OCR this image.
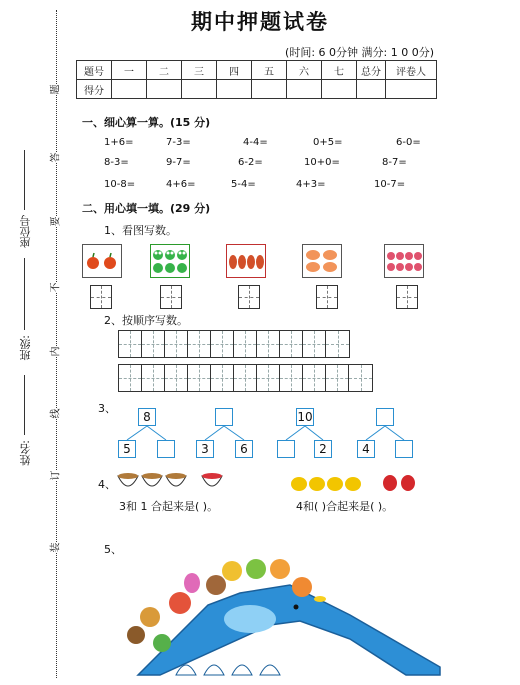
期中押题试卷
(时间: 6 0分钟 满分: 1 0 0分)
姓名:
班级:
座位号
装
订
线
内
不
要
答
题
题号	一	二	三	四	五	六	七	总分	评卷人
得分									
一、细心算一算。(15 分)
1+6=	7-3=	4-4=	0+5=	6-0=
8-3=	9-7=	6-2=	10+0=	8-7=
10-8=	4+6=	5-4=	4+3=	10-7=
二、用心填一填。(29 分)
1、看图写数。
2、按顺序写数。
3、
8
5	3	6
10
2	4
4、
3和 1 合起来是( )。	4和( )合起来是( )。
5、
